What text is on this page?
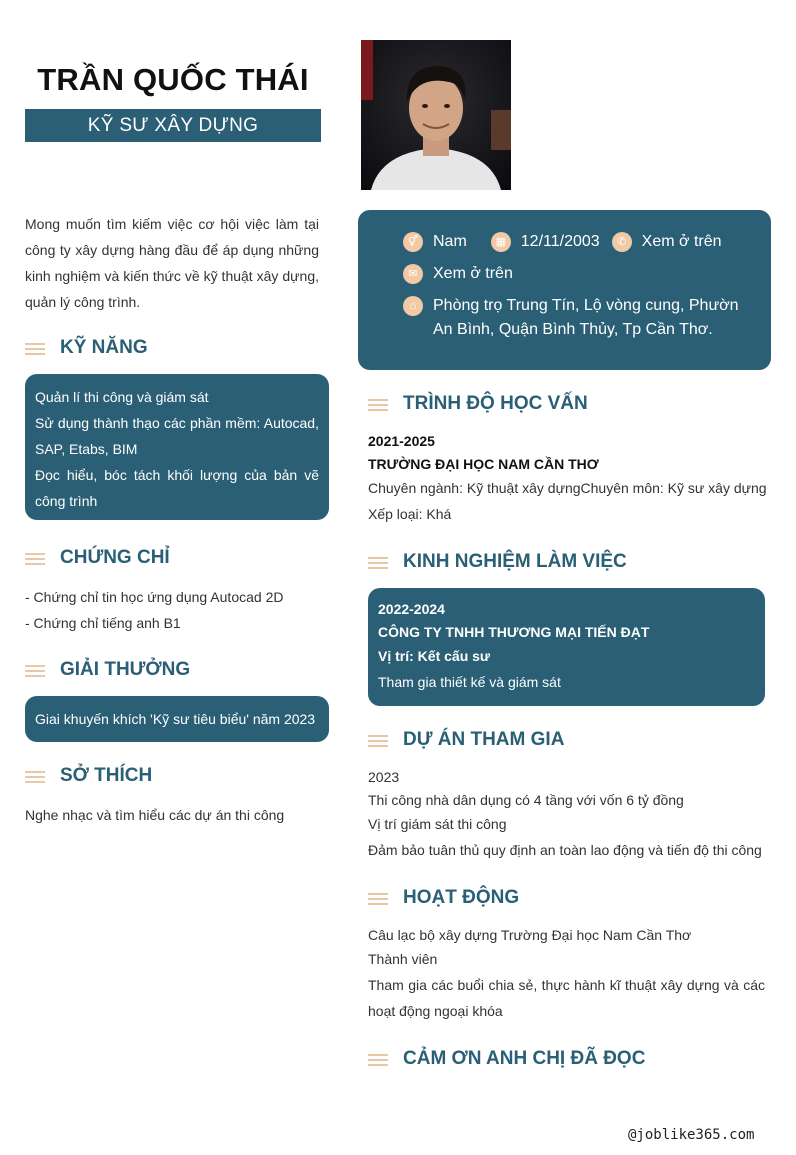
TRẦN QUỐC THÁI
KỸ SƯ XÂY DỰNG
Mong muốn tìm kiếm việc cơ hội việc làm tại công ty xây dựng hàng đầu để áp dụng những kinh nghiệm và kiến thức về kỹ thuật xây dựng, quản lý công trình.
KỸ NĂNG
Quản lí thi công và giám sát
Sử dụng thành thạo các phần mềm: Autocad, SAP, Etabs, BIM
Đọc hiểu, bóc tách khối lượng của bản vẽ công trình
CHỨNG CHỈ
- Chứng chỉ tin học ứng dụng Autocad 2D
- Chứng chỉ tiếng anh B1
GIẢI THƯỞNG
Giai khuyến khích 'Kỹ sư tiêu biểu' năm 2023
SỞ THÍCH
Nghe nhạc và tìm hiểu các dự án thi công
⚥ Nam	▦ 12/11/2003	✆ Xem ở trên
✉ Xem ở trên
⌂	Phòng trọ Trung Tín, Lộ vòng cung, Phườn An Bình, Quận Bình Thủy, Tp Cần Thơ.
TRÌNH ĐỘ HỌC VẤN
2021-2025
TRƯỜNG ĐẠI HỌC NAM CẦN THƠ
Chuyên ngành: Kỹ thuật xây dựngChuyên môn: Kỹ sư xây dựng
Xếp loại: Khá
KINH NGHIỆM LÀM VIỆC
2022-2024
CÔNG TY TNHH THƯƠNG MẠI TIẾN ĐẠT
Vị trí: Kết cấu sư
Tham gia thiết kế và giám sát
DỰ ÁN THAM GIA
2023
Thi công nhà dân dụng có 4 tầng với vốn 6 tỷ đồng
Vị trí giám sát thi công
Đảm bảo tuân thủ quy định an toàn lao động và tiến độ thi công
HOẠT ĐỘNG
Câu lạc bộ xây dựng Trường Đại học Nam Cần Thơ
Thành viên
Tham gia các buổi chia sẻ, thực hành kĩ thuật xây dựng và các hoạt động ngoại khóa
CẢM ƠN ANH CHỊ ĐÃ ĐỌC
@joblike365.com
